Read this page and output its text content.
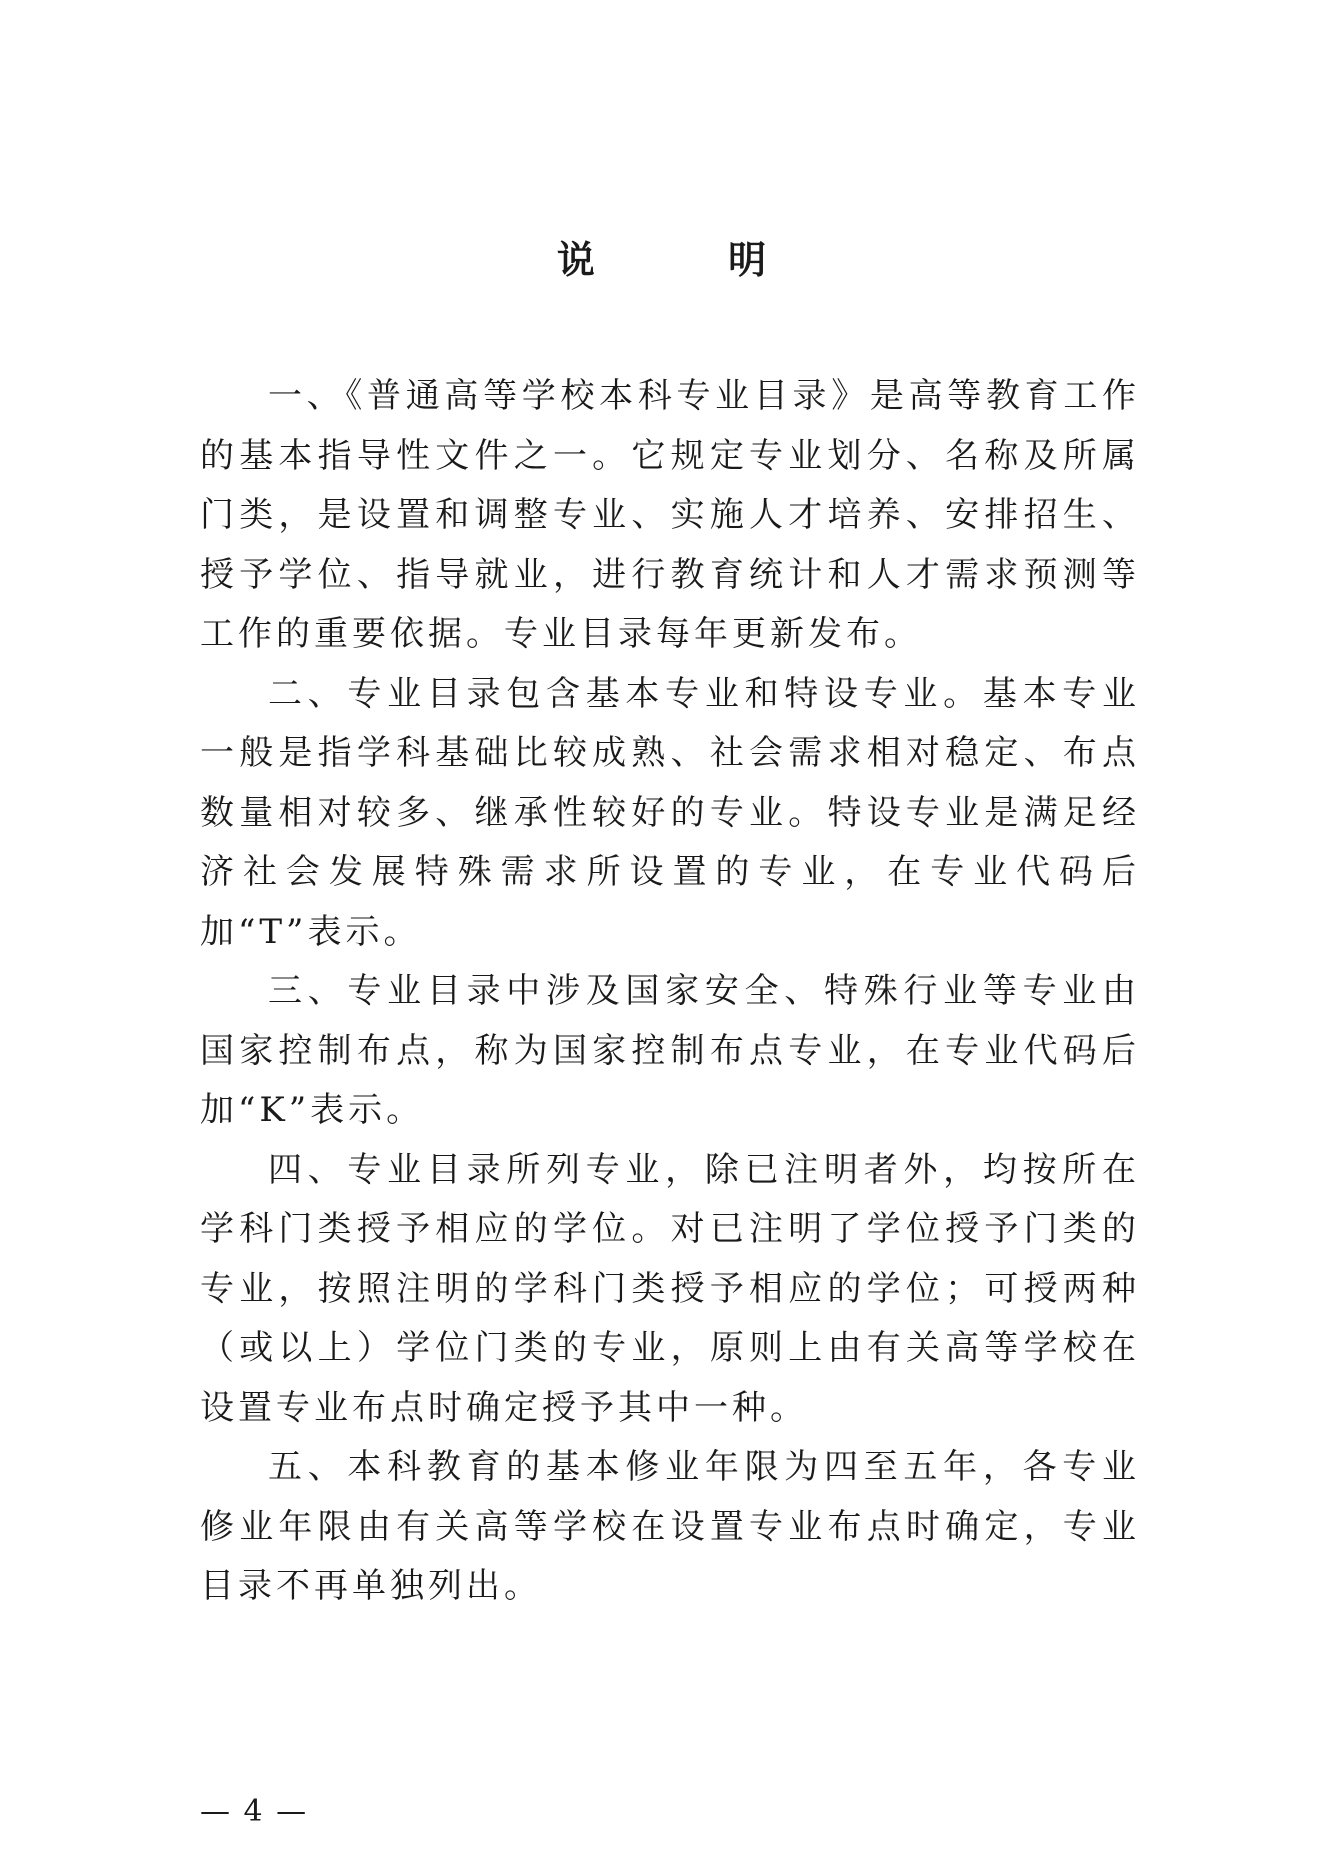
说 明

一、《普通高等学校本科专业目录》是高等教育工作的基本指导性文件之一。它规定专业划分、名称及所属门类，是设置和调整专业、实施人才培养、安排招生、授予学位、指导就业，进行教育统计和人才需求预测等工作的重要依据。专业目录每年更新发布。

二、专业目录包含基本专业和特设专业。基本专业一般是指学科基础比较成熟、社会需求相对稳定、布点数量相对较多、继承性较好的专业。特设专业是满足经济社会发展特殊需求所设置的专业，在专业代码后加“T”表示。

三、专业目录中涉及国家安全、特殊行业等专业由国家控制布点，称为国家控制布点专业，在专业代码后加“K”表示。

四、专业目录所列专业，除已注明者外，均按所在学科门类授予相应的学位。对已注明了学位授予门类的专业，按照注明的学科门类授予相应的学位；可授两种（或以上）学位门类的专业，原则上由有关高等学校在设置专业布点时确定授予其中一种。

五、本科教育的基本修业年限为四至五年，各专业修业年限由有关高等学校在设置专业布点时确定，专业目录不再单独列出。

— 4 —
